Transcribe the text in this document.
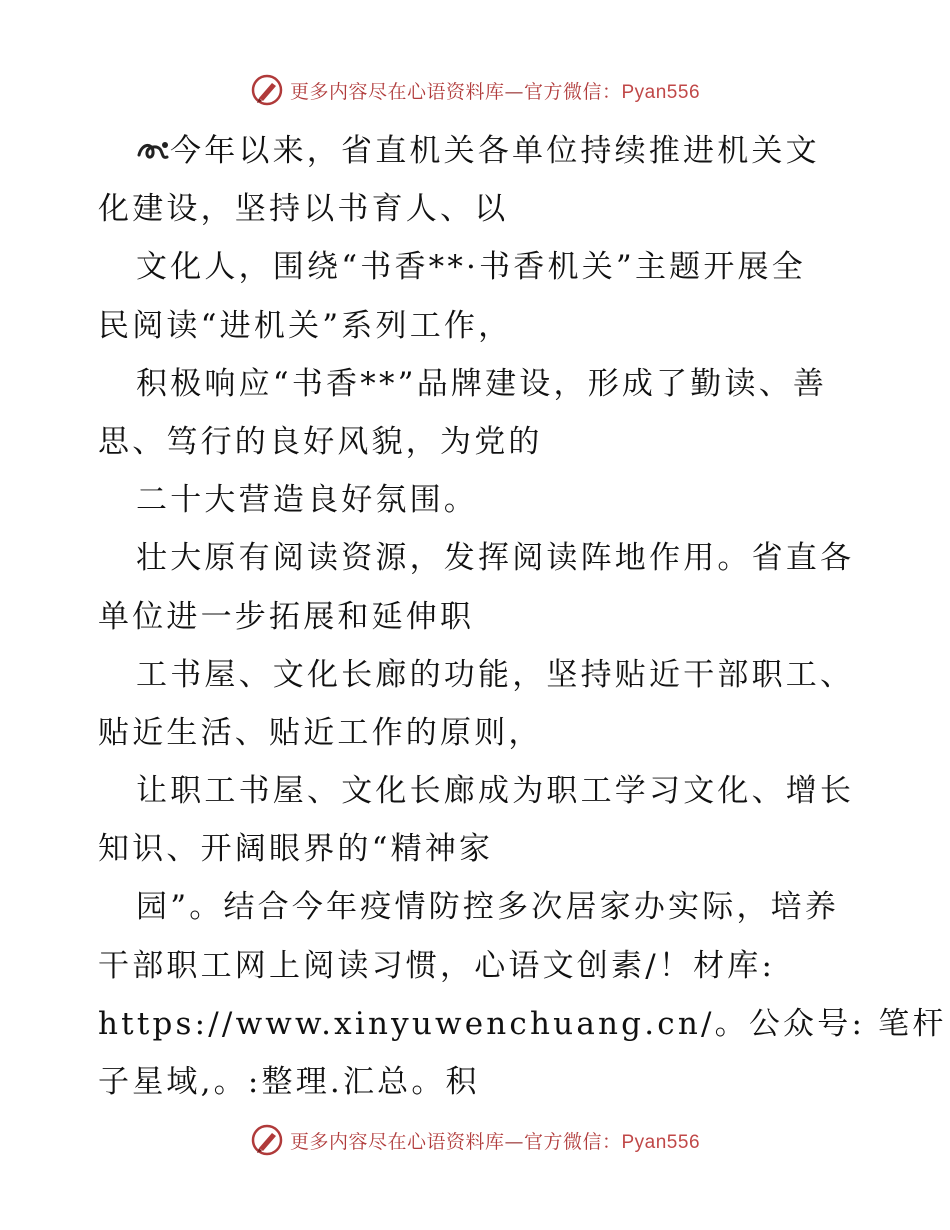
更多内容尽在心语资料库—官方微信：Pyan556
今年以来，省直机关各单位持续推进机关文
化建设，坚持以书育人、以
文化人，围绕“书香**·书香机关”主题开展全
民阅读“进机关”系列工作，
积极响应“书香**”品牌建设，形成了勤读、善
思、笃行的良好风貌，为党的
二十大营造良好氛围。
壮大原有阅读资源，发挥阅读阵地作用。省直各
单位进一步拓展和延伸职
工书屋、文化长廊的功能，坚持贴近干部职工、
贴近生活、贴近工作的原则，
让职工书屋、文化长廊成为职工学习文化、增长
知识、开阔眼界的“精神家
园”。结合今年疫情防控多次居家办实际，培养
干部职工网上阅读习惯，心语文创素/！材库:
https://www.xinyuwenchuang.cn/。公众号: 笔杆
子星域,。:整理.汇总。积
更多内容尽在心语资料库—官方微信：Pyan556
